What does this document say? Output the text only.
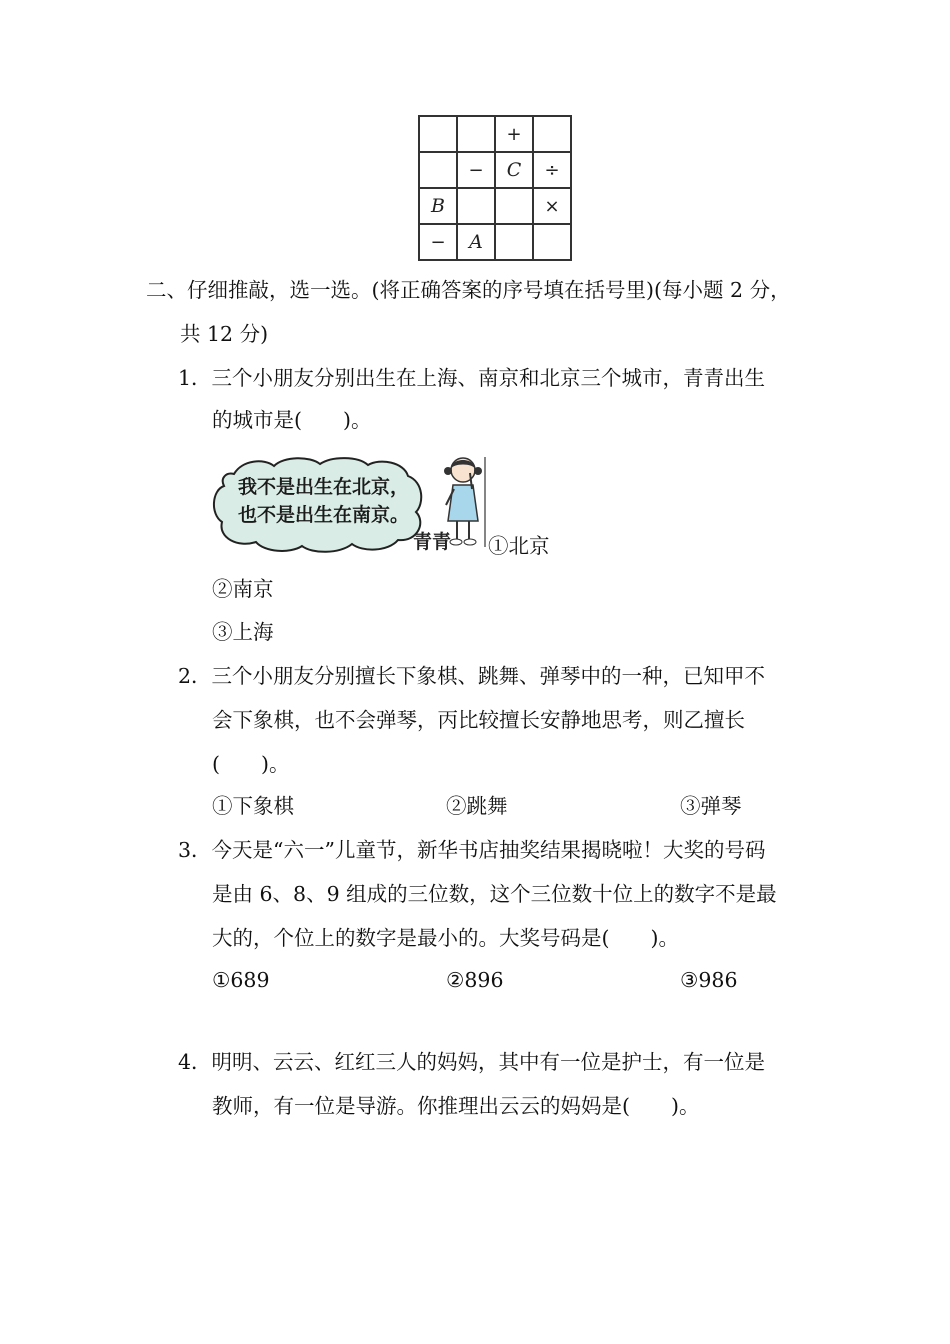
		+	
	−	C	÷
B			×
−	A		
二、仔细推敲，选一选。(将正确答案的序号填在括号里)(每小题 2 分，
共 12 分)
1．三个小朋友分别出生在上海、南京和北京三个城市，青青出生
的城市是(　　)。
我不是出生在北京，
也不是出生在南京。
青青 ①北京
②南京
③上海
2．三个小朋友分别擅长下象棋、跳舞、弹琴中的一种，已知甲不
会下象棋，也不会弹琴，丙比较擅长安静地思考，则乙擅长
(　　)。
①下象棋	②跳舞	③弹琴
3．今天是“六一”儿童节，新华书店抽奖结果揭晓啦！大奖的号码
是由 6、8、9 组成的三位数，这个三位数十位上的数字不是最
大的，个位上的数字是最小的。大奖号码是(　　)。
①689	②896	③986
4．明明、云云、红红三人的妈妈，其中有一位是护士，有一位是
教师，有一位是导游。你推理出云云的妈妈是(　　)。
